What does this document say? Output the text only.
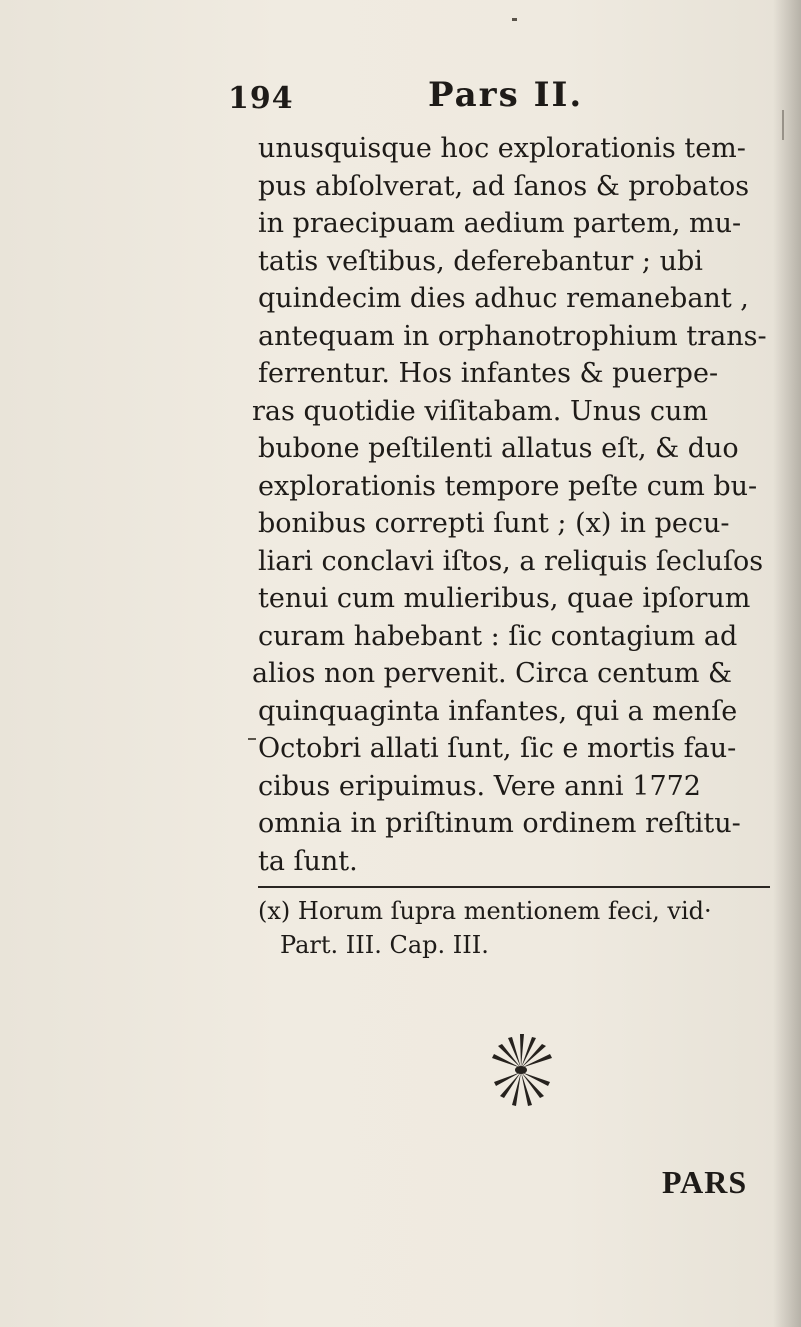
194	Pars II.
unusquisque hoc explorationis tem-
pus abſolverat, ad ſanos & probatos
in praecipuam aedium partem, mu-
tatis veſtibus, deferebantur ; ubi
quindecim dies adhuc remanebant ,
antequam in orphanotrophium trans-
ferrentur. Hos infantes & puerpe-
ras quotidie viſitabam. Unus cum
bubone peſtilenti allatus eſt, & duo
explorationis tempore peſte cum bu-
bonibus correpti ſunt ; (x) in pecu-
liari conclavi iſtos, a reliquis ſecluſos
tenui cum mulieribus, quae ipſorum
curam habebant : ſic contagium ad
alios non pervenit. Circa centum &
quinquaginta infantes, qui a menſe
Octobri allati ſunt, ſic e mortis fau-
cibus eripuimus. Vere anni 1772
omnia in priſtinum ordinem reſtitu-
ta ſunt.
(x) Horum ſupra mentionem feci, vid·
Part. III. Cap. III.
PARS
